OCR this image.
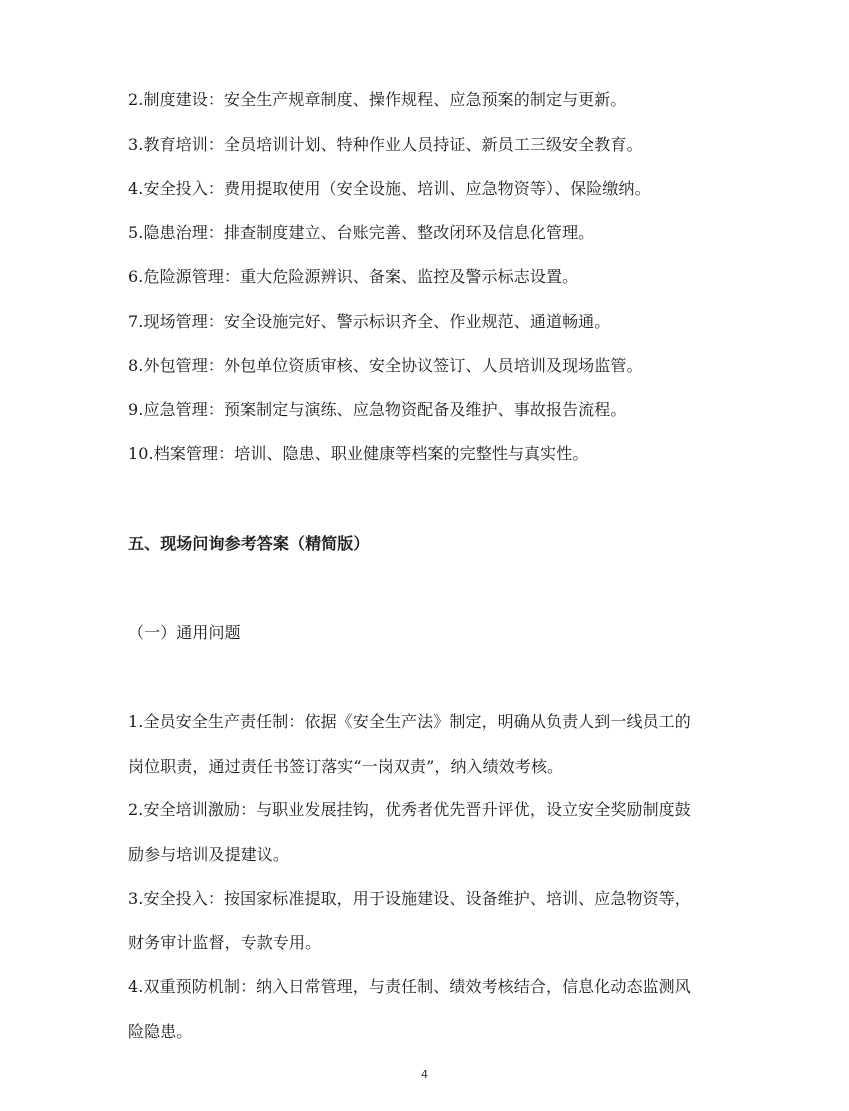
2.制度建设：安全生产规章制度、操作规程、应急预案的制定与更新。
3.教育培训：全员培训计划、特种作业人员持证、新员工三级安全教育。
4.安全投入：费用提取使用（安全设施、培训、应急物资等）、保险缴纳。
5.隐患治理：排查制度建立、台账完善、整改闭环及信息化管理。
6.危险源管理：重大危险源辨识、备案、监控及警示标志设置。
7.现场管理：安全设施完好、警示标识齐全、作业规范、通道畅通。
8.外包管理：外包单位资质审核、安全协议签订、人员培训及现场监管。
9.应急管理：预案制定与演练、应急物资配备及维护、事故报告流程。
10.档案管理：培训、隐患、职业健康等档案的完整性与真实性。
五、现场问询参考答案（精简版）
（一）通用问题
1.全员安全生产责任制：依据《安全生产法》制定，明确从负责人到一线员工的
岗位职责，通过责任书签订落实“一岗双责”，纳入绩效考核。
2.安全培训激励：与职业发展挂钩，优秀者优先晋升评优，设立安全奖励制度鼓
励参与培训及提建议。
3.安全投入：按国家标准提取，用于设施建设、设备维护、培训、应急物资等，
财务审计监督，专款专用。
4.双重预防机制：纳入日常管理，与责任制、绩效考核结合，信息化动态监测风
险隐患。
4
